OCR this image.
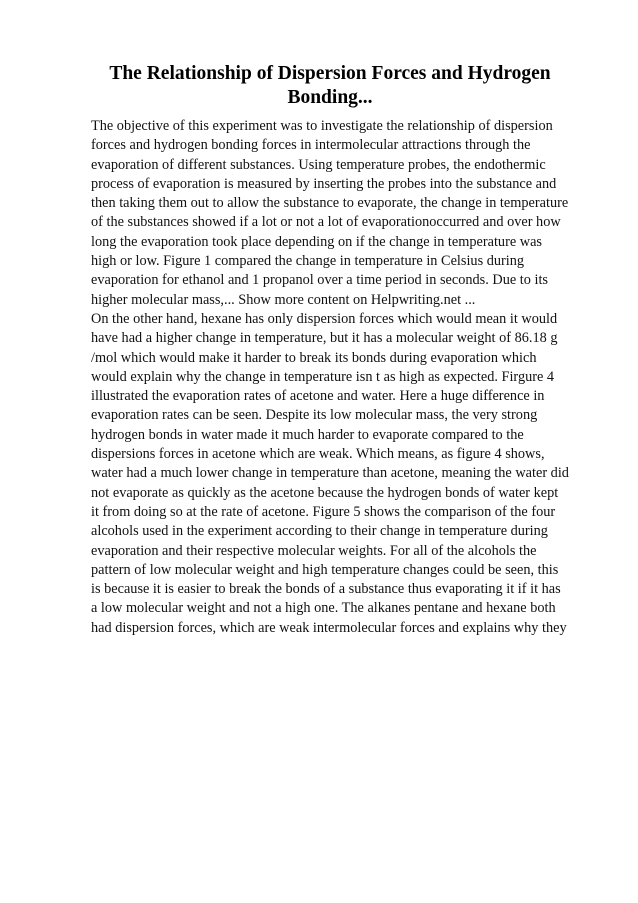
The Relationship of Dispersion Forces and Hydrogen Bonding...

The objective of this experiment was to investigate the relationship of dispersion forces and hydrogen bonding forces in intermolecular attractions through the evaporation of different substances. Using temperature probes, the endothermic process of evaporation is measured by inserting the probes into the substance and then taking them out to allow the substance to evaporate, the change in temperature of the substances showed if a lot or not a lot of evaporationoccurred and over how long the evaporation took place depending on if the change in temperature was high or low. Figure 1 compared the change in temperature in Celsius during evaporation for ethanol and 1 propanol over a time period in seconds. Due to its higher molecular mass,... Show more content on Helpwriting.net ...

On the other hand, hexane has only dispersion forces which would mean it would have had a higher change in temperature, but it has a molecular weight of 86.18 g /mol which would make it harder to break its bonds during evaporation which would explain why the change in temperature isn t as high as expected. Firgure 4 illustrated the evaporation rates of acetone and water. Here a huge difference in evaporation rates can be seen. Despite its low molecular mass, the very strong hydrogen bonds in water made it much harder to evaporate compared to the dispersions forces in acetone which are weak. Which means, as figure 4 shows, water had a much lower change in temperature than acetone, meaning the water did not evaporate as quickly as the acetone because the hydrogen bonds of water kept it from doing so at the rate of acetone. Figure 5 shows the comparison of the four alcohols used in the experiment according to their change in temperature during evaporation and their respective molecular weights. For all of the alcohols the pattern of low molecular weight and high temperature changes could be seen, this is because it is easier to break the bonds of a substance thus evaporating it if it has a low molecular weight and not a high one. The alkanes pentane and hexane both had dispersion forces, which are weak intermolecular forces and explains why they
